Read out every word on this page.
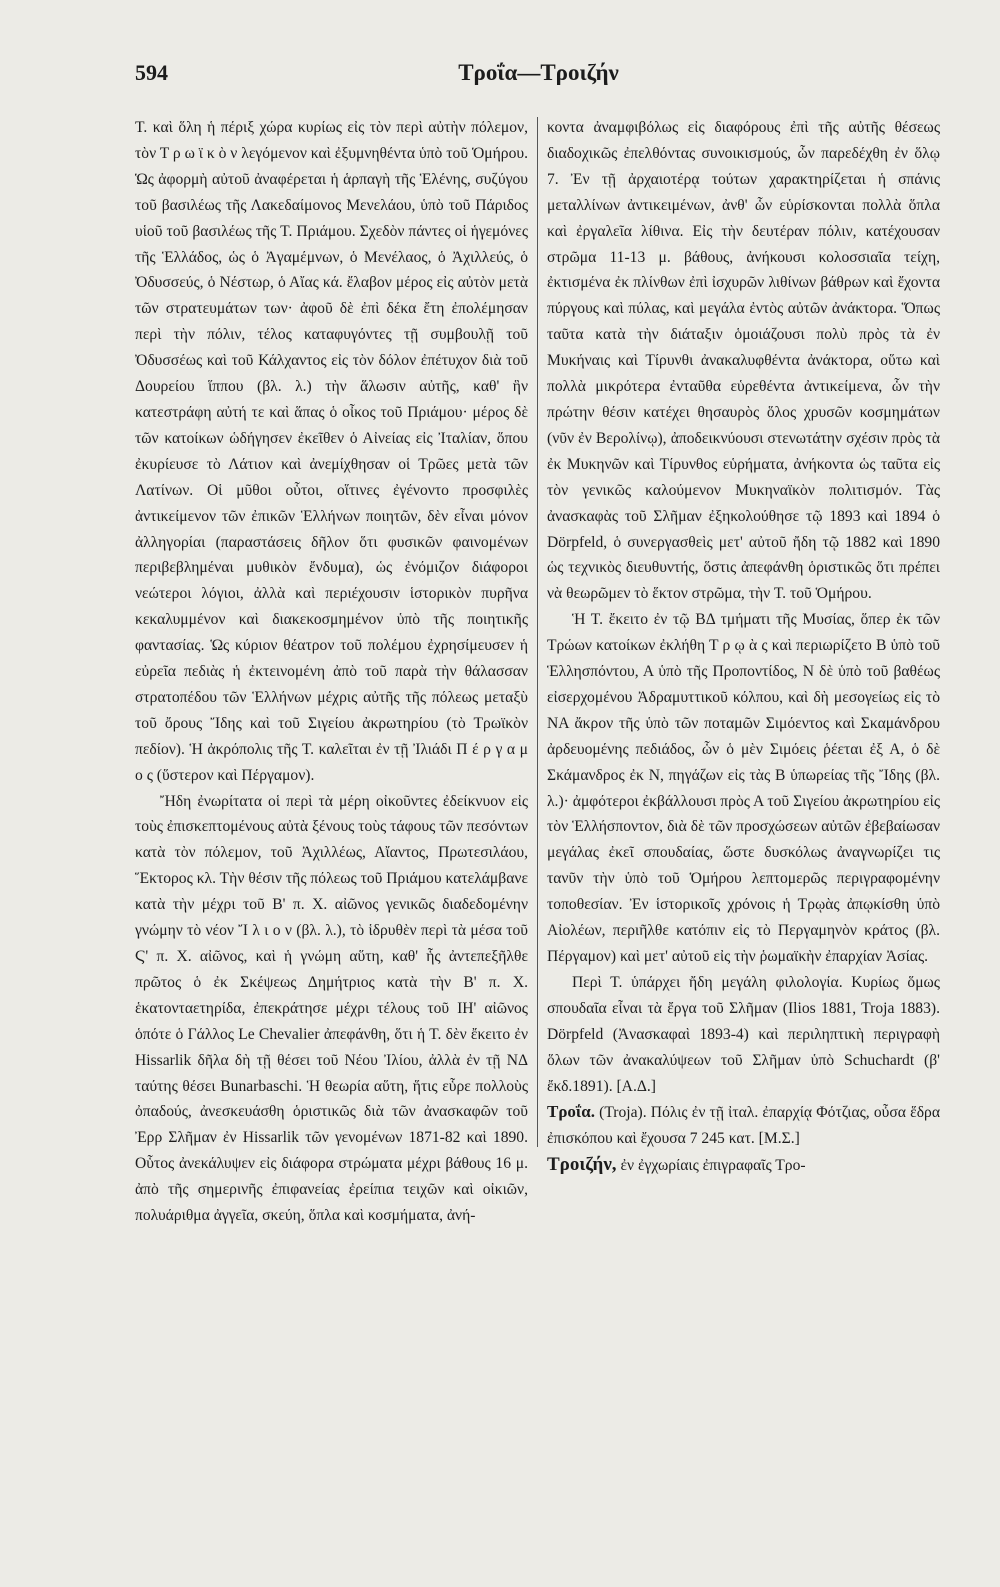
594	Τροΐα—Τροιζήν

Τ. καὶ ὅλη ἡ πέριξ χώρα κυρίως εἰς τὸν περὶ αὐτὴν πόλεμον, τὸν Τ ρ ω ϊ κ ὸ ν λεγόμενον καὶ ἐξυμνηθέντα ὑπὸ τοῦ Ὁμήρου. Ὡς ἀφορμὴ αὐτοῦ ἀναφέρεται ἡ ἁρπαγὴ τῆς Ἑλένης, συζύγου τοῦ βασιλέως τῆς Λακεδαίμονος Μενελάου, ὑπὸ τοῦ Πάριδος υἱοῦ τοῦ βασιλέως τῆς Τ. Πριάμου. Σχεδὸν πάντες οἱ ἡγεμόνες τῆς Ἑλλάδος, ὡς ὁ Ἀγαμέμνων, ὁ Μενέλαος, ὁ Ἀχιλλεύς, ὁ Ὀδυσσεύς, ὁ Νέστωρ, ὁ Αἴας κά. ἔλαβον μέρος εἰς αὐτὸν μετὰ τῶν στρατευμάτων των· ἀφοῦ δὲ ἐπὶ δέκα ἔτη ἐπολέμησαν περὶ τὴν πόλιν, τέλος καταφυγόντες τῇ συμβουλῇ τοῦ Ὀδυσσέως καὶ τοῦ Κάλχαντος εἰς τὸν δόλον ἐπέτυχον διὰ τοῦ Δουρείου ἵππου (βλ. λ.) τὴν ἅλωσιν αὐτῆς, καθ' ἣν κατεστράφη αὐτή τε καὶ ἅπας ὁ οἶκος τοῦ Πριάμου· μέρος δὲ τῶν κατοίκων ὡδήγησεν ἐκεῖθεν ὁ Αἰνείας εἰς Ἰταλίαν, ὅπου ἐκυρίευσε τὸ Λάτιον καὶ ἀνεμίχθησαν οἱ Τρῶες μετὰ τῶν Λατίνων. Οἱ μῦθοι οὗτοι, οἵτινες ἐγένοντο προσφιλὲς ἀντικείμενον τῶν ἐπικῶν Ἑλλήνων ποιητῶν, δὲν εἶναι μόνον ἀλληγορίαι (παραστάσεις δῆλον ὅτι φυσικῶν φαινομένων περιβεβλημέναι μυθικὸν ἔνδυμα), ὡς ἐνόμιζον διάφοροι νεώτεροι λόγιοι, ἀλλὰ καὶ περιέχουσιν ἱστορικὸν πυρῆνα κεκαλυμμένον καὶ διακεκοσμημένον ὑπὸ τῆς ποιητικῆς φαντασίας. Ὡς κύριον θέατρον τοῦ πολέμου ἐχρησίμευσεν ἡ εὐρεῖα πεδιὰς ἡ ἐκτεινομένη ἀπὸ τοῦ παρὰ τὴν θάλασσαν στρατοπέδου τῶν Ἑλλήνων μέχρις αὐτῆς τῆς πόλεως μεταξὺ τοῦ ὄρους Ἴδης καὶ τοῦ Σιγείου ἀκρωτηρίου (τὸ Τρωϊκὸν πεδίον). Ἡ ἀκρόπολις τῆς Τ. καλεῖται ἐν τῇ Ἰλιάδι Π έ ρ γ α μ ο ς (ὕστερον καὶ Πέργαμον).

Ἤδη ἐνωρίτατα οἱ περὶ τὰ μέρη οἰκοῦντες ἐδείκνυον εἰς τοὺς ἐπισκεπτομένους αὐτὰ ξένους τοὺς τάφους τῶν πεσόντων κατὰ τὸν πόλεμον, τοῦ Ἀχιλλέως, Αἴαντος, Πρωτεσιλάου, Ἕκτορος κλ. Τὴν θέσιν τῆς πόλεως τοῦ Πριάμου κατελάμβανε κατὰ τὴν μέχρι τοῦ Β' π. Χ. αἰῶνος γενικῶς διαδεδομένην γνώμην τὸ νέον Ἴ λ ι ο ν (βλ. λ.), τὸ ἱδρυθὲν περὶ τὰ μέσα τοῦ Ϛ' π. Χ. αἰῶνος, καὶ ἡ γνώμη αὕτη, καθ' ἧς ἀντεπεξῆλθε πρῶτος ὁ ἐκ Σκέψεως Δημήτριος κατὰ τὴν Β' π. Χ. ἑκατονταετηρίδα, ἐπεκράτησε μέχρι τέλους τοῦ ΙΗ' αἰῶνος ὁπότε ὁ Γάλλος Le Chevalier ἀπεφάνθη, ὅτι ἡ Τ. δὲν ἔκειτο ἐν Hissarlik δῆλα δὴ τῇ θέσει τοῦ Νέου Ἰλίου, ἀλλὰ ἐν τῇ ΝΔ ταύτης θέσει Bunarbaschi. Ἡ θεωρία αὕτη, ἥτις εὗρε πολλοὺς ὀπαδούς, ἀνεσκευάσθη ὁριστικῶς διὰ τῶν ἀνασκαφῶν τοῦ Ἐρρ Σλῆμαν ἐν Hissarlik τῶν γενομένων 1871-82 καὶ 1890. Οὗτος ἀνεκάλυψεν εἰς διάφορα στρώματα μέχρι βάθους 16 μ. ἀπὸ τῆς σημερινῆς ἐπιφανείας ἐρείπια τειχῶν καὶ οἰκιῶν, πολυάριθμα ἀγγεῖα, σκεύη, ὅπλα καὶ κοσμήματα, ἀνή-

κοντα ἀναμφιβόλως εἰς διαφόρους ἐπὶ τῆς αὐτῆς θέσεως διαδοχικῶς ἐπελθόντας συνοικισμούς, ὧν παρεδέχθη ἐν ὅλῳ 7. Ἐν τῇ ἀρχαιοτέρᾳ τούτων χαρακτηρίζεται ἡ σπάνις μεταλλίνων ἀντικειμένων, ἀνθ' ὧν εὑρίσκονται πολλὰ ὅπλα καὶ ἐργαλεῖα λίθινα. Εἰς τὴν δευτέραν πόλιν, κατέχουσαν στρῶμα 11-13 μ. βάθους, ἀνήκουσι κολοσσιαῖα τείχη, ἐκτισμένα ἐκ πλίνθων ἐπὶ ἰσχυρῶν λιθίνων βάθρων καὶ ἔχοντα πύργους καὶ πύλας, καὶ μεγάλα ἐντὸς αὐτῶν ἀνάκτορα. Ὅπως ταῦτα κατὰ τὴν διάταξιν ὁμοιάζουσι πολὺ πρὸς τὰ ἐν Μυκήναις καὶ Τίρυνθι ἀνακαλυφθέντα ἀνάκτορα, οὕτω καὶ πολλὰ μικρότερα ἐνταῦθα εὑρεθέντα ἀντικείμενα, ὧν τὴν πρώτην θέσιν κατέχει θησαυρὸς ὅλος χρυσῶν κοσμημάτων (νῦν ἐν Βερολίνῳ), ἀποδεικνύουσι στενωτάτην σχέσιν πρὸς τὰ ἐκ Μυκηνῶν καὶ Τίρυνθος εὑρήματα, ἀνήκοντα ὡς ταῦτα εἰς τὸν γενικῶς καλούμενον Μυκηναϊκὸν πολιτισμόν. Τὰς ἀνασκαφὰς τοῦ Σλῆμαν ἐξηκολούθησε τῷ 1893 καὶ 1894 ὁ Dörpfeld, ὁ συνεργασθεὶς μετ' αὐτοῦ ἤδη τῷ 1882 καὶ 1890 ὡς τεχνικὸς διευθυντής, ὅστις ἀπεφάνθη ὁριστικῶς ὅτι πρέπει νὰ θεωρῶμεν τὸ ἕκτον στρῶμα, τὴν Τ. τοῦ Ὁμήρου.

Ἡ Τ. ἔκειτο ἐν τῷ ΒΔ τμήματι τῆς Μυσίας, ὅπερ ἐκ τῶν Τρώων κατοίκων ἐκλήθη Τ ρ ῳ ὰ ς καὶ περιωρίζετο Β ὑπὸ τοῦ Ἑλλησπόντου, Α ὑπὸ τῆς Προποντίδος, Ν δὲ ὑπὸ τοῦ βαθέως εἰσερχομένου Ἀδραμυττικοῦ κόλπου, καὶ δὴ μεσογείως εἰς τὸ ΝΑ ἄκρον τῆς ὑπὸ τῶν ποταμῶν Σιμόεντος καὶ Σκαμάνδρου ἀρδευομένης πεδιάδος, ὧν ὁ μὲν Σιμόεις ῥέεται ἐξ Α, ὁ δὲ Σκάμανδρος ἐκ Ν, πηγάζων εἰς τὰς Β ὑπωρείας τῆς Ἴδης (βλ. λ.)· ἀμφότεροι ἐκβάλλουσι πρὸς Α τοῦ Σιγείου ἀκρωτηρίου εἰς τὸν Ἑλλήσποντον, διὰ δὲ τῶν προσχώσεων αὐτῶν ἐβεβαίωσαν μεγάλας ἐκεῖ σπουδαίας, ὥστε δυσκόλως ἀναγνωρίζει τις τανῦν τὴν ὑπὸ τοῦ Ὁμήρου λεπτομερῶς περιγραφομένην τοποθεσίαν. Ἐν ἱστορικοῖς χρόνοις ἡ Τρῳὰς ἀπῳκίσθη ὑπὸ Αἰολέων, περιῆλθε κατόπιν εἰς τὸ Περγαμηνὸν κράτος (βλ. Πέργαμον) καὶ μετ' αὐτοῦ εἰς τὴν ῥωμαϊκὴν ἐπαρχίαν Ἀσίας.

Περὶ Τ. ὑπάρχει ἤδη μεγάλη φιλολογία. Κυρίως ὅμως σπουδαῖα εἶναι τὰ ἔργα τοῦ Σλῆμαν (Ilios 1881, Troja 1883). Dörpfeld (Ἀνασκαφαὶ 1893-4) καὶ περιληπτικὴ περιγραφὴ ὅλων τῶν ἀνακαλύψεων τοῦ Σλῆμαν ὑπὸ Schuchardt (β' ἔκδ.1891). [Α.Δ.]

Τροΐα. (Troja). Πόλις ἐν τῇ ἰταλ. ἐπαρχίᾳ Φότζιας, οὖσα ἕδρα ἐπισκόπου καὶ ἔχουσα 7 245 κατ. [Μ.Σ.]

Τροιζήν, ἐν ἐγχωρίαις ἐπιγραφαῖς Τρο-
